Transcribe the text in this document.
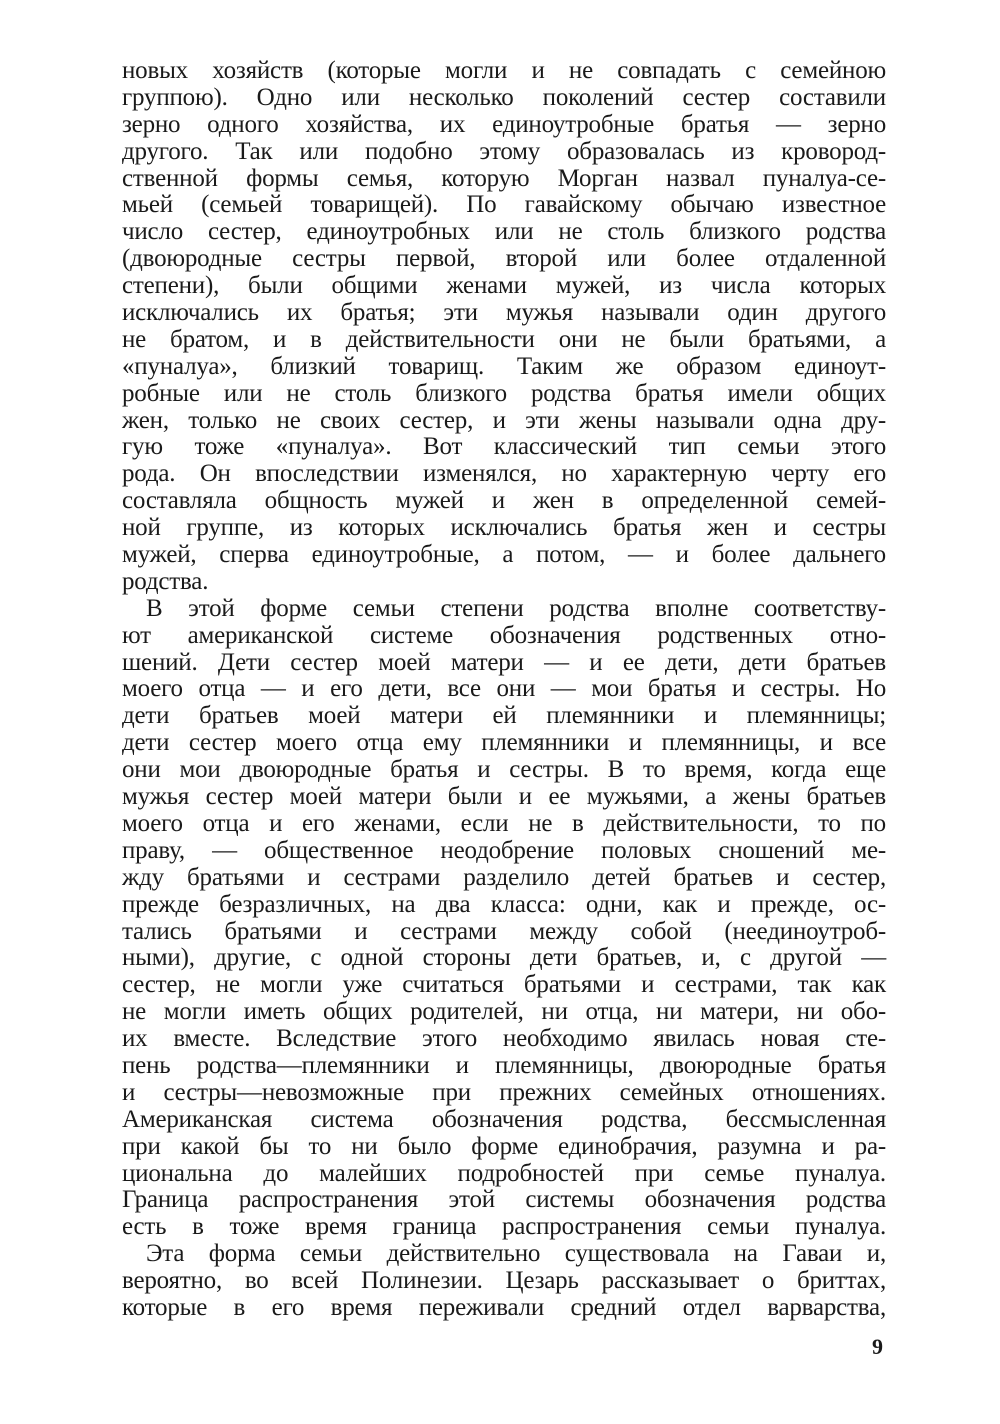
новых хозяйств (которые могли и не совпадать с семейною
группою). Одно или несколько поколений сестер составили
зерно одного хозяйства, их единоутробные братья — зерно
другого. Так или подобно этому образовалась из кровород-
ственной формы семья, которую Морган назвал пуналуа-се-
мьей (семьей товарищей). По гавайскому обычаю известное
число сестер, единоутробных или не столь близкого родства
(двоюродные сестры первой, второй или более отдаленной
степени), были общими женами мужей, из числа которых
исключались их братья; эти мужья называли один другого
не братом, и в действительности они не были братьями, а
«пуналуа», близкий товарищ. Таким же образом единоут-
робные или не столь близкого родства братья имели общих
жен, только не своих сестер, и эти жены называли одна дру-
гую тоже «пуналуа». Вот классический тип семьи этого
рода. Он впоследствии изменялся, но характерную черту его
составляла общность мужей и жен в определенной семей-
ной группе, из которых исключались братья жен и сестры
мужей, сперва единоутробные, а потом, — и более дальнего
родства.
В этой форме семьи степени родства вполне соответству-
ют американской системе обозначения родственных отно-
шений. Дети сестер моей матери — и ее дети, дети братьев
моего отца — и его дети, все они — мои братья и сестры. Но
дети братьев моей матери ей племянники и племянницы;
дети сестер моего отца ему племянники и племянницы, и все
они мои двоюродные братья и сестры. В то время, когда еще
мужья сестер моей матери были и ее мужьями, а жены братьев
моего отца и его женами, если не в действительности, то по
праву, — общественное неодобрение половых сношений ме-
жду братьями и сестрами разделило детей братьев и сестер,
прежде безразличных, на два класса: одни, как и прежде, ос-
тались братьями и сестрами между собой (неединоутроб-
ными), другие, с одной стороны дети братьев, и, с другой —
сестер, не могли уже считаться братьями и сестрами, так как
не могли иметь общих родителей, ни отца, ни матери, ни обо-
их вместе. Вследствие этого необходимо явилась новая сте-
пень родства—племянники и племянницы, двоюродные братья
и сестры—невозможные при прежних семейных отношениях.
Американская система обозначения родства, бессмысленная
при какой бы то ни было форме единобрачия, разумна и ра-
циональна до малейших подробностей при семье пуналуа.
Граница распространения этой системы обозначения родства
есть в тоже время граница распространения семьи пуналуа.
Эта форма семьи действительно существовала на Гаваи и,
вероятно, во всей Полинезии. Цезарь рассказывает о бриттах,
которые в его время переживали средний отдел варварства,
9
